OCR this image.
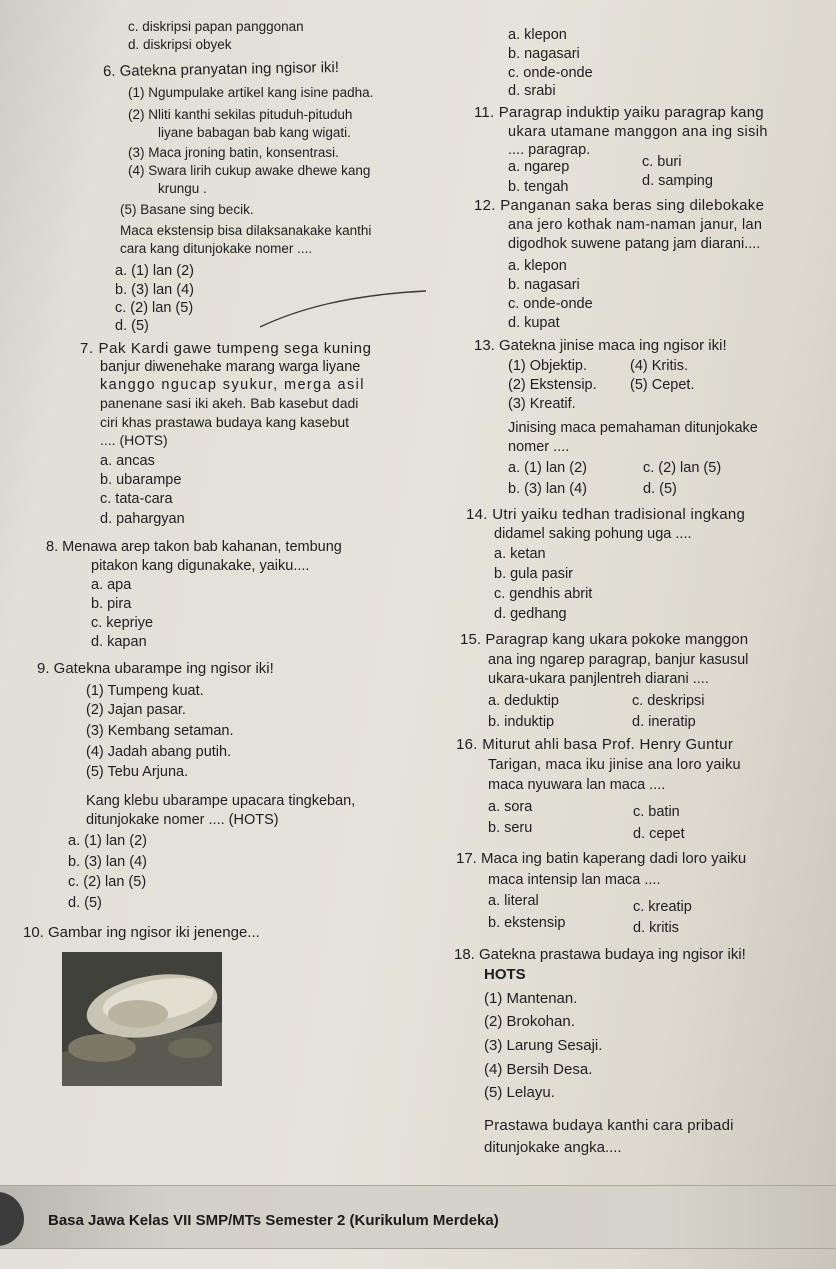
c. diskripsi papan panggonan
d. diskripsi obyek
6. Gatekna pranyatan ing ngisor iki!
(1) Ngumpulake artikel kang isine padha.
(2) Nliti kanthi sekilas pituduh-pituduh
liyane babagan bab kang wigati.
(3) Maca jroning batin, konsentrasi.
(4) Swara lirih cukup awake dhewe kang
krungu .
(5) Basane sing becik.
Maca ekstensip bisa dilaksanakake kanthi
cara kang ditunjokake nomer ....
a. (1) lan (2)
b. (3) lan (4)
c. (2) lan (5)
d. (5)
7. Pak Kardi gawe tumpeng sega kuning
banjur diwenehake marang warga liyane
kanggo ngucap syukur, merga asil
panenane sasi iki akeh. Bab kasebut dadi
ciri khas prastawa budaya kang kasebut
.... (HOTS)
a. ancas
b. ubarampe
c. tata-cara
d. pahargyan
8. Menawa arep takon bab kahanan, tembung
pitakon kang digunakake, yaiku....
a. apa
b. pira
c. kepriye
d. kapan
9. Gatekna ubarampe ing ngisor iki!
(1) Tumpeng kuat.
(2) Jajan pasar.
(3) Kembang setaman.
(4) Jadah abang putih.
(5) Tebu Arjuna.
Kang klebu ubarampe upacara tingkeban,
ditunjokake nomer .... (HOTS)
a. (1) lan (2)
b. (3) lan (4)
c. (2) lan (5)
d. (5)
10. Gambar ing ngisor iki jenenge...
a. klepon
b. nagasari
c. onde-onde
d. srabi
11. Paragrap induktip yaiku paragrap kang
ukara utamane manggon ana ing sisih
.... paragrap.
a. ngarep	c. buri
b. tengah	d. samping
12. Panganan saka beras sing dilebokake
ana jero kothak nam-naman janur, lan
digodhok suwene patang jam diarani....
a. klepon
b. nagasari
c. onde-onde
d. kupat
13. Gatekna jinise maca ing ngisor iki!
(1) Objektip.	(4) Kritis.
(2) Ekstensip. (5) Cepet.
(3) Kreatif.
Jinising maca pemahaman ditunjokake
nomer ....
a. (1) lan (2)	c. (2) lan (5)
b. (3) lan (4)	d. (5)
14. Utri yaiku tedhan tradisional ingkang
didamel saking pohung uga ....
a. ketan
b. gula pasir
c. gendhis abrit
d. gedhang
15. Paragrap kang ukara pokoke manggon
ana ing ngarep paragrap, banjur kasusul
ukara-ukara panjlentreh diarani ....
a. deduktip	c. deskripsi
b. induktip	d. ineratip
16. Miturut ahli basa Prof. Henry Guntur
Tarigan, maca iku jinise ana loro yaiku
maca nyuwara lan maca ....
a. sora	c. batin
b. seru	d. cepet
17. Maca ing batin kaperang dadi loro yaiku
maca intensip lan maca ....
a. literal	c. kreatip
b. ekstensip	d. kritis
18. Gatekna prastawa budaya ing ngisor iki!
HOTS
(1) Mantenan.
(2) Brokohan.
(3) Larung Sesaji.
(4) Bersih Desa.
(5) Lelayu.
Prastawa budaya kanthi cara pribadi
ditunjokake angka....
Basa Jawa Kelas VII SMP/MTs Semester 2 (Kurikulum Merdeka)
